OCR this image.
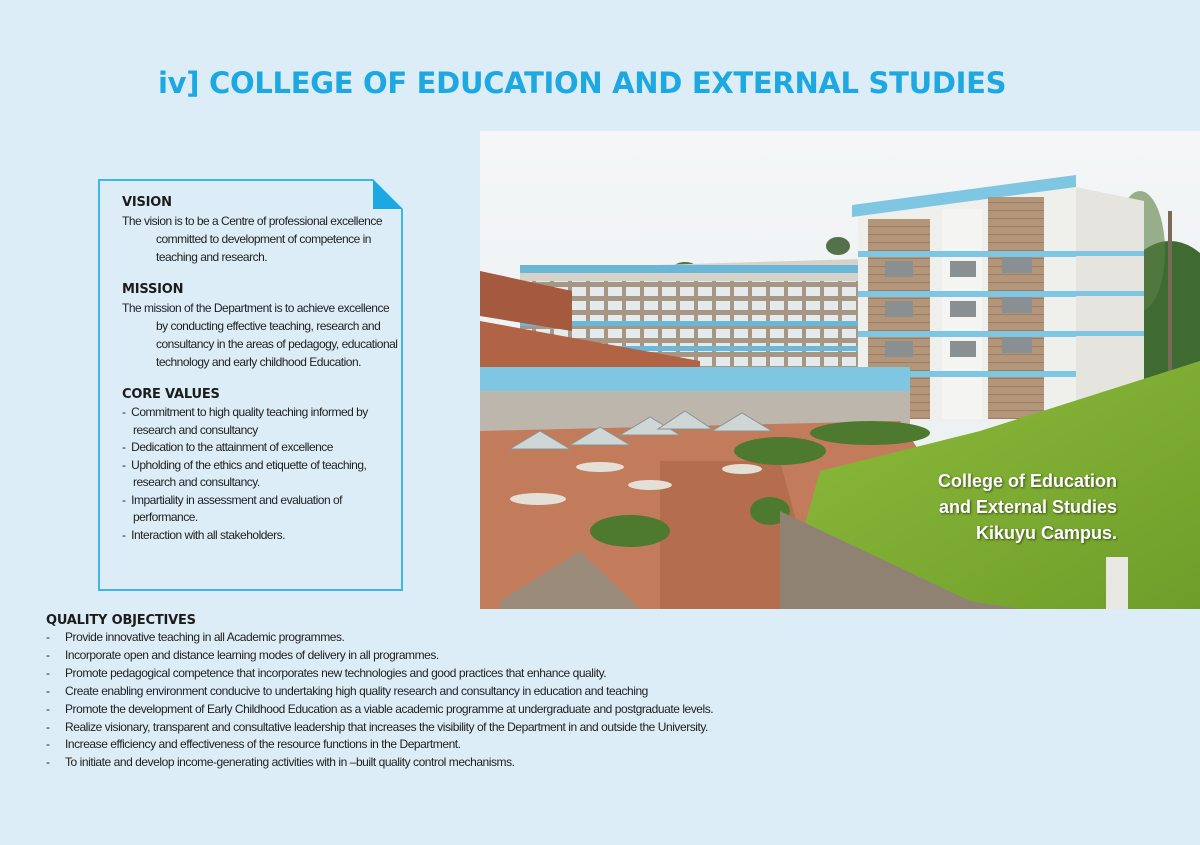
iv] COLLEGE OF EDUCATION AND EXTERNAL STUDIES
VISION

The vision is to be a Centre of professional excellence committed to development of competence in teaching and research.

MISSION

The mission of the Department is to achieve excellence by conducting effective teaching, research and consultancy in the areas of pedagogy, educational technology and early childhood Education.

CORE VALUES
-  Commitment to high quality teaching informed by research and consultancy
-  Dedication to the attainment of excellence
-  Upholding of the ethics and etiquette of teaching, research and consultancy.
-  Impartiality in assessment and evaluation of performance.
-  Interaction with all stakeholders.
College of Education
and External Studies
Kikuyu Campus.
QUALITY OBJECTIVES
- Provide innovative teaching in all Academic programmes.
- Incorporate open and distance learning modes of delivery in all programmes.
- Promote pedagogical competence that incorporates new technologies and good practices that enhance quality.
- Create enabling environment conducive to undertaking high quality research and consultancy in education and teaching
- Promote the development of Early Childhood Education as a viable academic programme at undergraduate and postgraduate levels.
- Realize visionary, transparent and consultative leadership that increases the visibility of the Department in and outside the University.
- Increase efficiency and effectiveness of the resource functions in the Department.
- To initiate and develop income-generating activities with in –built quality control mechanisms.
